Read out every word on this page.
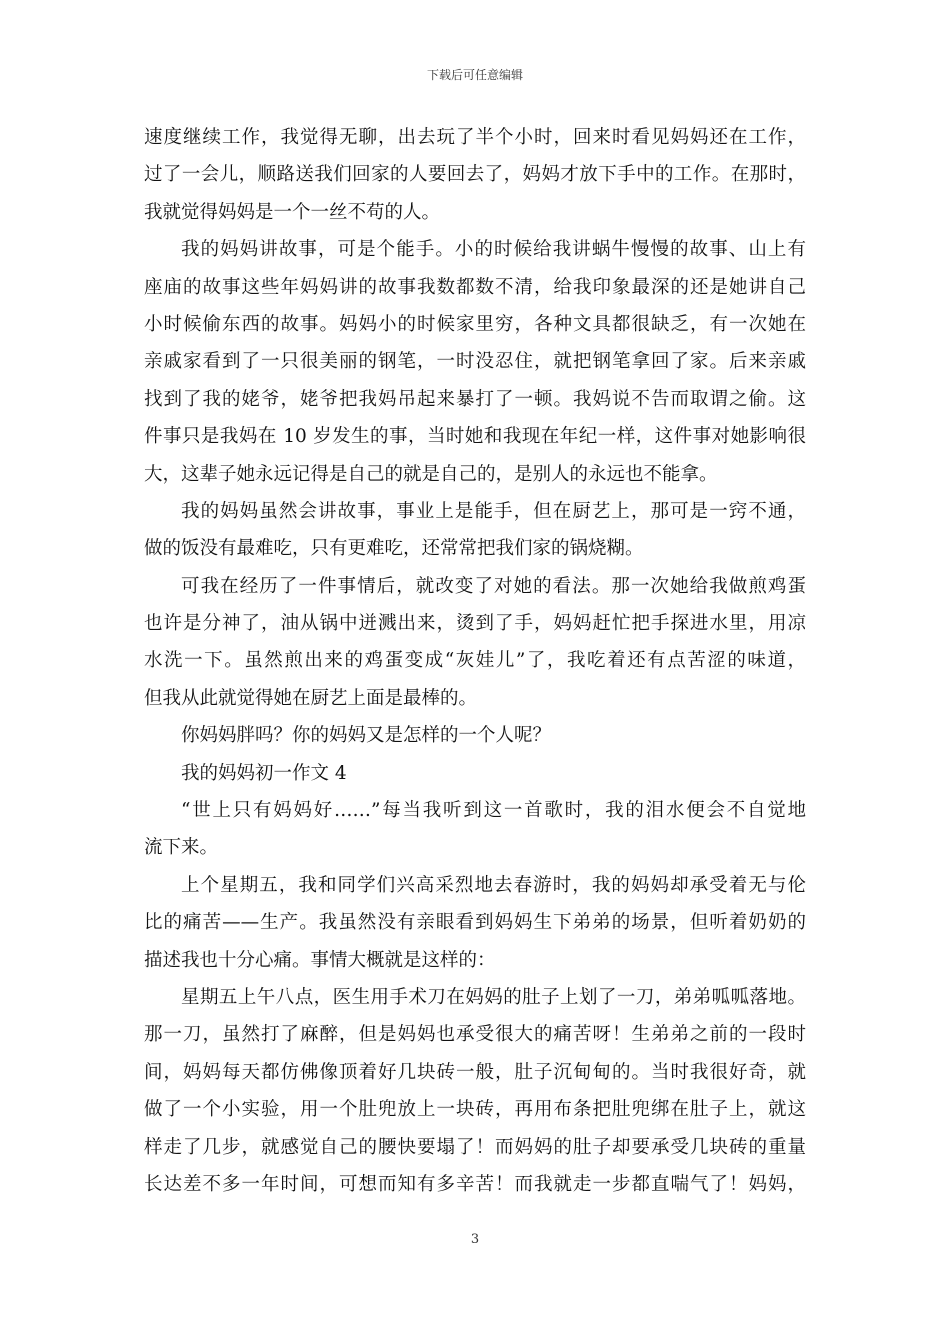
下载后可任意编辑
速度继续工作，我觉得无聊，出去玩了半个小时，回来时看见妈妈还在工作，
过了一会儿，顺路送我们回家的人要回去了，妈妈才放下手中的工作。在那时，
我就觉得妈妈是一个一丝不苟的人。
我的妈妈讲故事，可是个能手。小的时候给我讲蜗牛慢慢的故事、山上有
座庙的故事这些年妈妈讲的故事我数都数不清，给我印象最深的还是她讲自己
小时候偷东西的故事。妈妈小的时候家里穷，各种文具都很缺乏，有一次她在
亲戚家看到了一只很美丽的钢笔，一时没忍住，就把钢笔拿回了家。后来亲戚
找到了我的姥爷，姥爷把我妈吊起来暴打了一顿。我妈说不告而取谓之偷。这
件事只是我妈在 10 岁发生的事，当时她和我现在年纪一样，这件事对她影响很
大，这辈子她永远记得是自己的就是自己的，是别人的永远也不能拿。
我的妈妈虽然会讲故事，事业上是能手，但在厨艺上，那可是一窍不通，
做的饭没有最难吃，只有更难吃，还常常把我们家的锅烧糊。
可我在经历了一件事情后，就改变了对她的看法。那一次她给我做煎鸡蛋
也许是分神了，油从锅中迸溅出来，烫到了手，妈妈赶忙把手探进水里，用凉
水洗一下。虽然煎出来的鸡蛋变成“灰娃儿”了，我吃着还有点苦涩的味道，
但我从此就觉得她在厨艺上面是最棒的。
你妈妈胖吗？你的妈妈又是怎样的一个人呢？
我的妈妈初一作文 4
“世上只有妈妈好……”每当我听到这一首歌时，我的泪水便会不自觉地
流下来。
上个星期五，我和同学们兴高采烈地去春游时，我的妈妈却承受着无与伦
比的痛苦——生产。我虽然没有亲眼看到妈妈生下弟弟的场景，但听着奶奶的
描述我也十分心痛。事情大概就是这样的：
星期五上午八点，医生用手术刀在妈妈的肚子上划了一刀，弟弟呱呱落地。
那一刀，虽然打了麻醉，但是妈妈也承受很大的痛苦呀！生弟弟之前的一段时
间，妈妈每天都仿佛像顶着好几块砖一般，肚子沉甸甸的。当时我很好奇，就
做了一个小实验，用一个肚兜放上一块砖，再用布条把肚兜绑在肚子上，就这
样走了几步，就感觉自己的腰快要塌了！而妈妈的肚子却要承受几块砖的重量
长达差不多一年时间，可想而知有多辛苦！而我就走一步都直喘气了！妈妈，
3
